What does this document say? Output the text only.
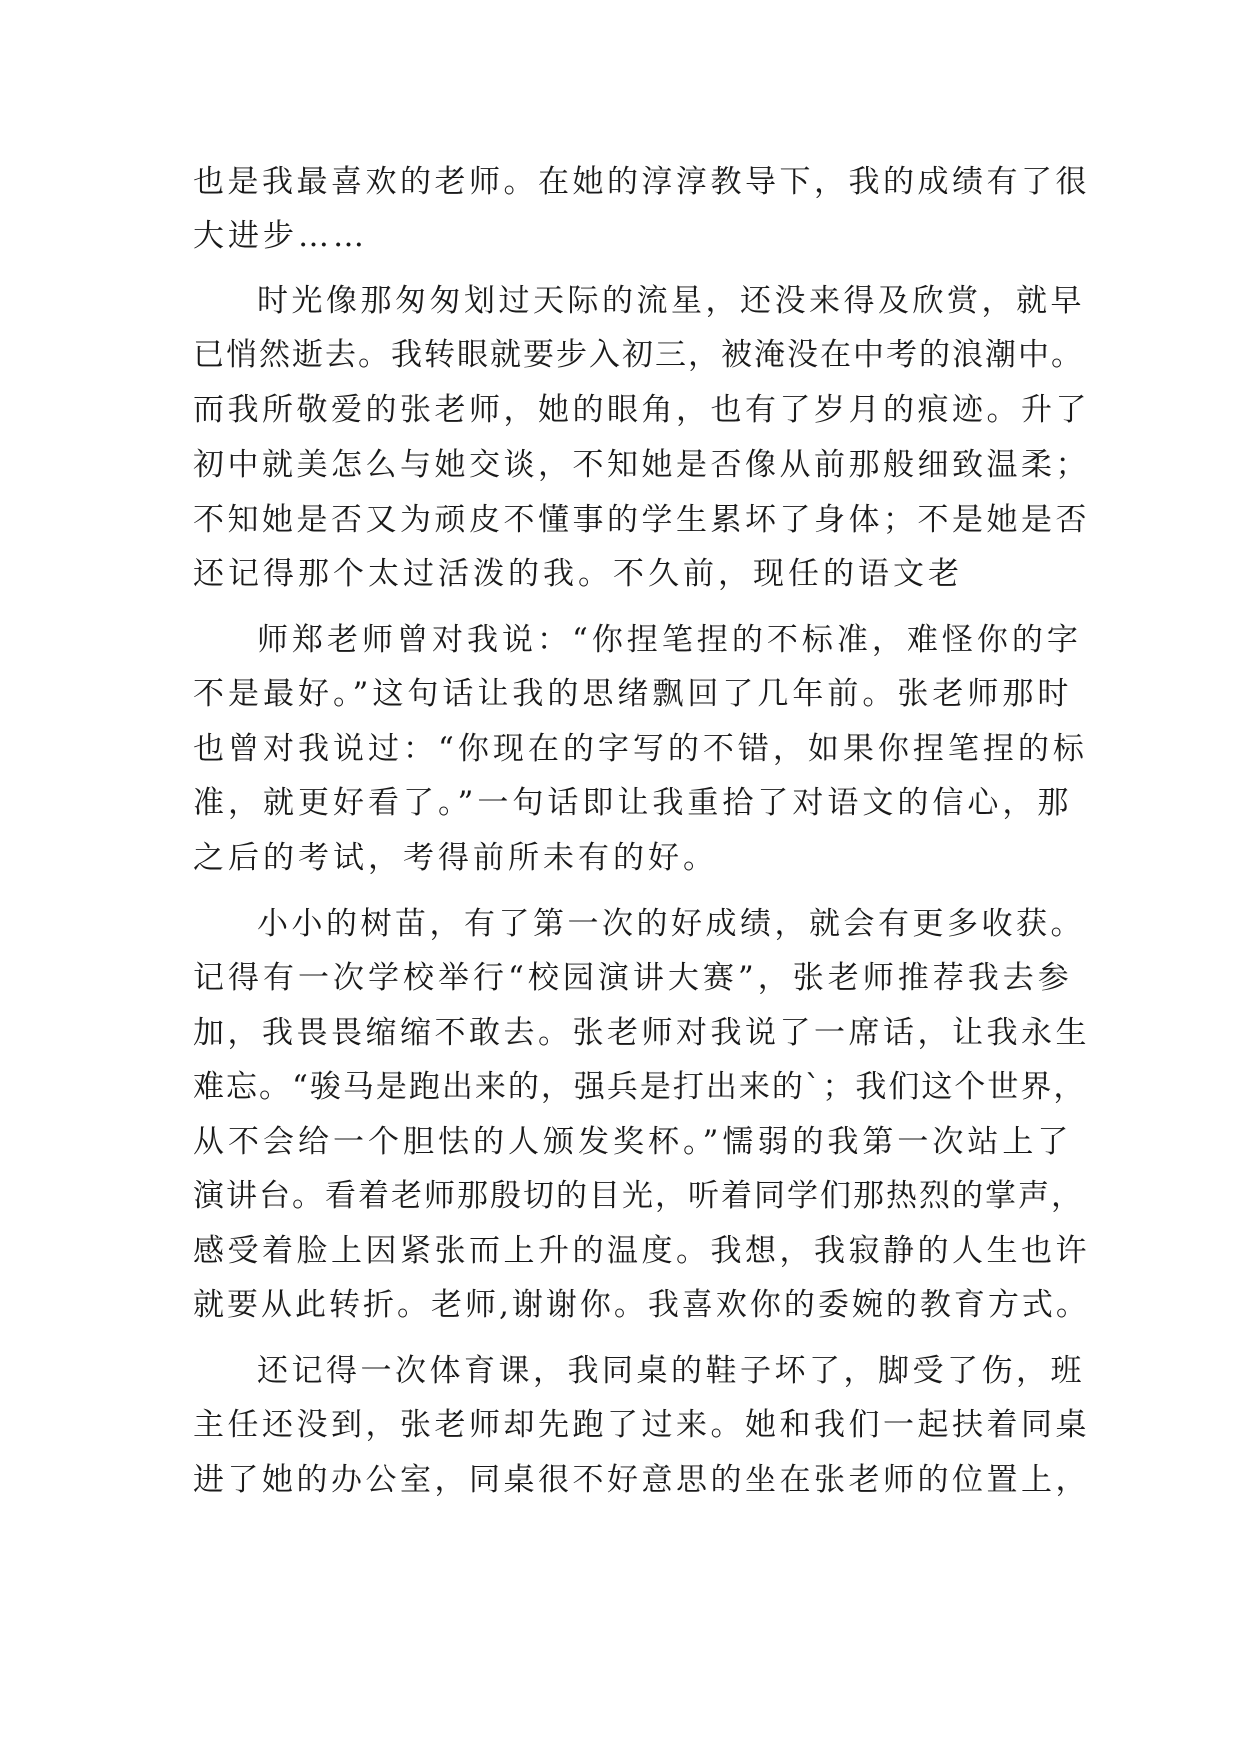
也是我最喜欢的老师。在她的淳淳教导下，我的成绩有了很
大进步……
时光像那匆匆划过天际的流星，还没来得及欣赏，就早
已悄然逝去。我转眼就要步入初三，被淹没在中考的浪潮中。
而我所敬爱的张老师，她的眼角，也有了岁月的痕迹。升了
初中就美怎么与她交谈，不知她是否像从前那般细致温柔；
不知她是否又为顽皮不懂事的学生累坏了身体；不是她是否
还记得那个太过活泼的我。不久前，现任的语文老
师郑老师曾对我说：“你捏笔捏的不标准，难怪你的字
不是最好。”这句话让我的思绪飘回了几年前。张老师那时
也曾对我说过：“你现在的字写的不错，如果你捏笔捏的标
准，就更好看了。”一句话即让我重拾了对语文的信心，那
之后的考试，考得前所未有的好。
小小的树苗，有了第一次的好成绩，就会有更多收获。
记得有一次学校举行“校园演讲大赛”，张老师推荐我去参
加，我畏畏缩缩不敢去。张老师对我说了一席话，让我永生
难忘。“骏马是跑出来的，强兵是打出来的`；我们这个世界，
从不会给一个胆怯的人颁发奖杯。”懦弱的我第一次站上了
演讲台。看着老师那殷切的目光，听着同学们那热烈的掌声，
感受着脸上因紧张而上升的温度。我想，我寂静的人生也许
就要从此转折。老师,谢谢你。我喜欢你的委婉的教育方式。
还记得一次体育课，我同桌的鞋子坏了，脚受了伤，班
主任还没到，张老师却先跑了过来。她和我们一起扶着同桌
进了她的办公室，同桌很不好意思的坐在张老师的位置上，
